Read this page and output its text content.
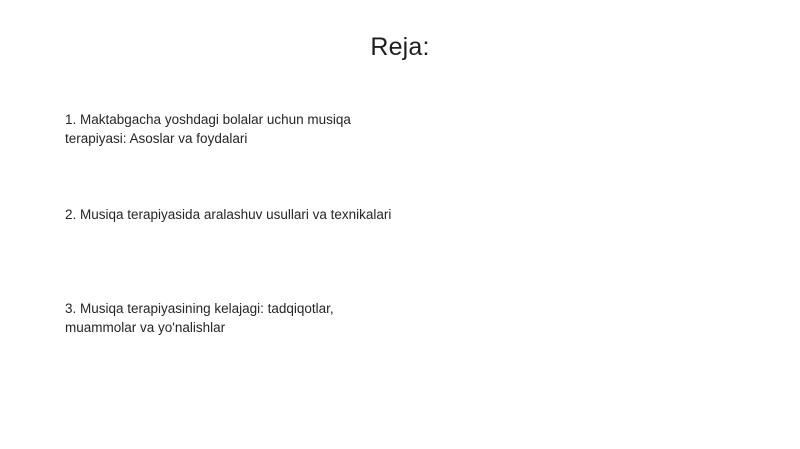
Reja:
1. Maktabgacha yoshdagi bolalar uchun musiqa terapiyasi: Asoslar va foydalari
2. Musiqa terapiyasida aralashuv usullari va texnikalari
3. Musiqa terapiyasining kelajagi: tadqiqotlar, muammolar va yo'nalishlar
